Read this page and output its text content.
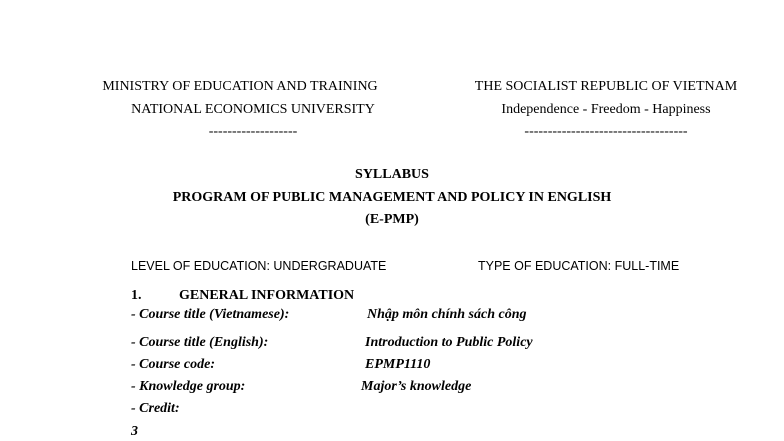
MINISTRY OF EDUCATION AND TRAINING
NATIONAL ECONOMICS UNIVERSITY
-------------------
THE SOCIALIST REPUBLIC OF VIETNAM
Independence - Freedom - Happiness
-----------------------------------
SYLLABUS
PROGRAM OF PUBLIC MANAGEMENT AND POLICY IN ENGLISH
(E-PMP)
LEVEL OF EDUCATION: UNDERGRADUATE	TYPE OF EDUCATION: FULL-TIME
1.	GENERAL INFORMATION
- Course title (Vietnamese):	Nhập môn chính sách công
- Course title (English):	Introduction to Public Policy
- Course code:	EPMP1110
- Knowledge group:	Major’s knowledge
- Credit:
3
